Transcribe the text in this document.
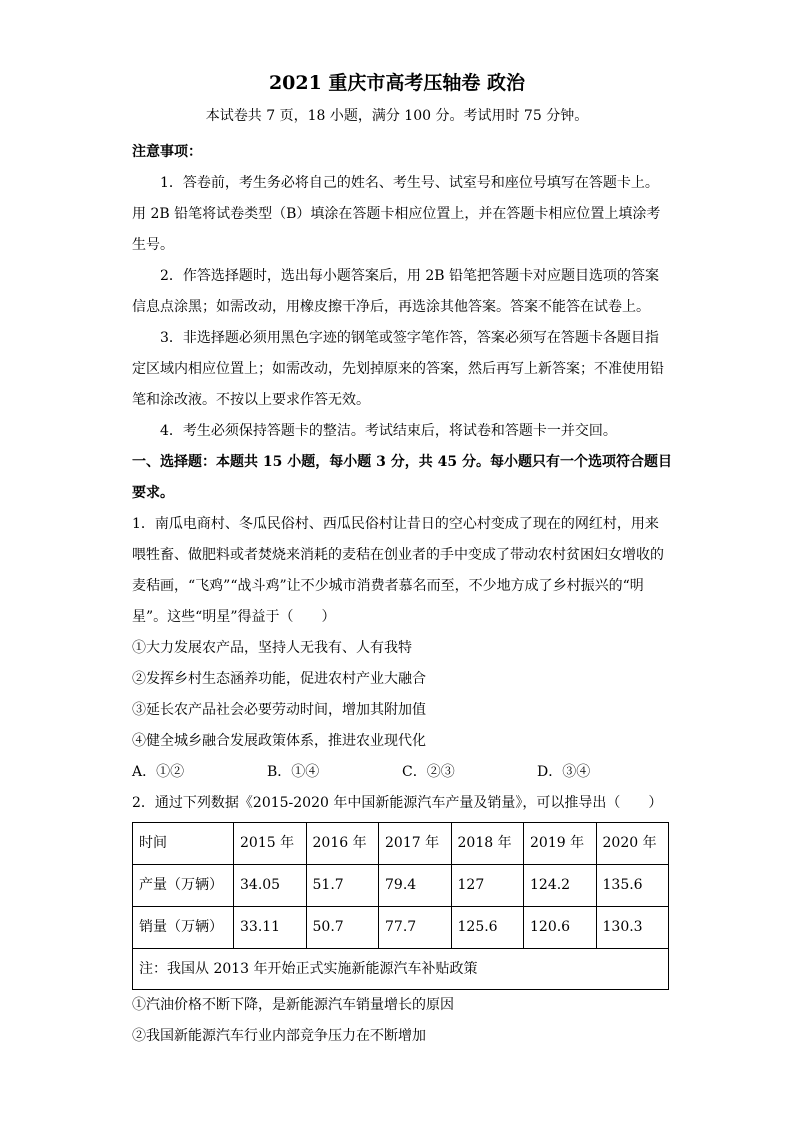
2021 重庆市高考压轴卷 政治

本试卷共 7 页，18 小题，满分 100 分。考试用时 75 分钟。

注意事项：

1．答卷前，考生务必将自己的姓名、考生号、试室号和座位号填写在答题卡上。用 2B 铅笔将试卷类型（B）填涂在答题卡相应位置上，并在答题卡相应位置上填涂考生号。

2．作答选择题时，选出每小题答案后，用 2B 铅笔把答题卡对应题目选项的答案信息点涂黑；如需改动，用橡皮擦干净后，再选涂其他答案。答案不能答在试卷上。

3．非选择题必须用黑色字迹的钢笔或签字笔作答，答案必须写在答题卡各题目指定区域内相应位置上；如需改动，先划掉原来的答案，然后再写上新答案；不准使用铅笔和涂改液。不按以上要求作答无效。

4．考生必须保持答题卡的整洁。考试结束后，将试卷和答题卡一并交回。

一、选择题：本题共 15 小题，每小题 3 分，共 45 分。每小题只有一个选项符合题目要求。

1．南瓜电商村、冬瓜民俗村、西瓜民俗村让昔日的空心村变成了现在的网红村，用来喂牲畜、做肥料或者焚烧来消耗的麦秸在创业者的手中变成了带动农村贫困妇女增收的麦秸画，“飞鸡”“战斗鸡”让不少城市消费者慕名而至，不少地方成了乡村振兴的“明星”。这些“明星”得益于（　　）

①大力发展农产品，坚持人无我有、人有我特

②发挥乡村生态涵养功能，促进农村产业大融合

③延长农产品社会必要劳动时间，增加其附加值

④健全城乡融合发展政策体系，推进农业现代化

A．①②	B．①④	C．②③	D．③④

2．通过下列数据《2015-2020 年中国新能源汽车产量及销量》，可以推导出（　　）

时间	2015 年	2016 年	2017 年	2018 年	2019 年	2020 年
产量（万辆）	34.05	51.7	79.4	127	124.2	135.6
销量（万辆）	33.11	50.7	77.7	125.6	120.6	130.3
注：我国从 2013 年开始正式实施新能源汽车补贴政策						

①汽油价格不断下降，是新能源汽车销量增长的原因

②我国新能源汽车行业内部竞争压力在不断增加
